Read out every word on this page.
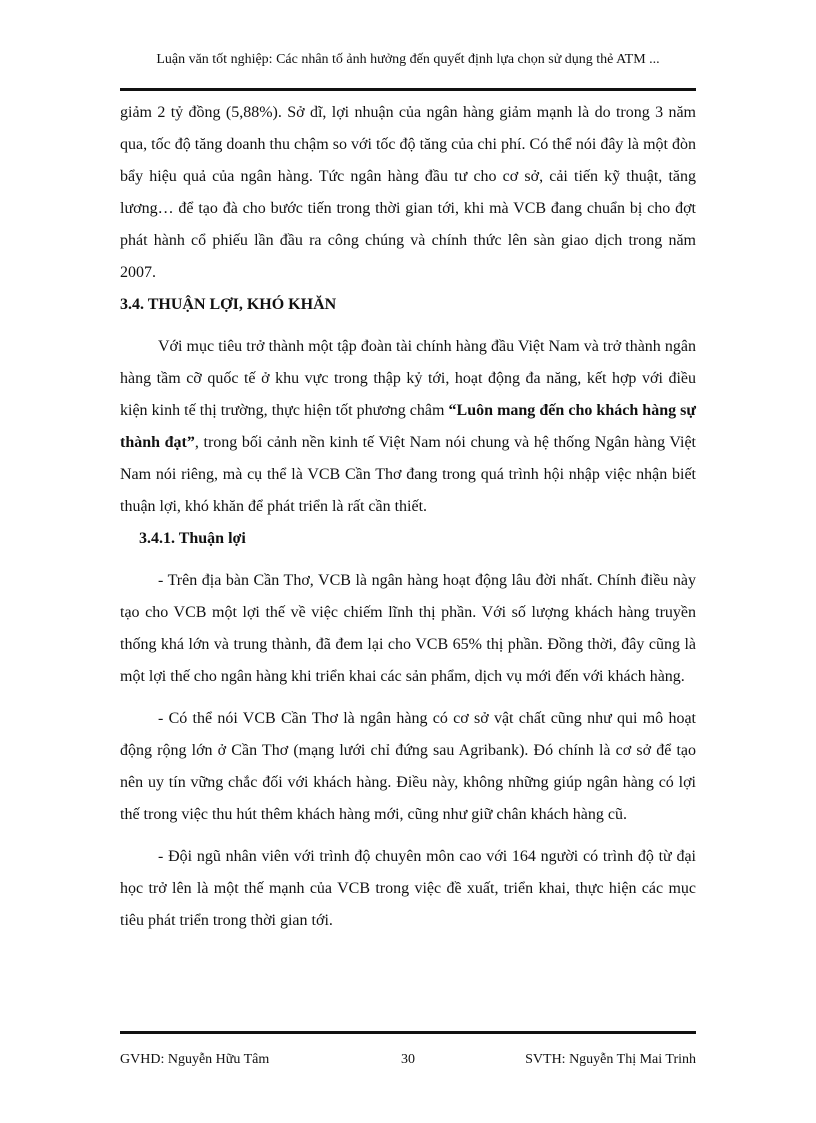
Luận văn tốt nghiệp: Các nhân tố ảnh hưởng đến quyết định lựa chọn sử dụng thẻ ATM ...

giảm 2 tỷ đồng (5,88%). Sở dĩ, lợi nhuận của ngân hàng giảm mạnh là do trong 3 năm qua, tốc độ tăng doanh thu chậm so với tốc độ tăng của chi phí. Có thể nói đây là một đòn bẩy hiệu quả của ngân hàng. Tức ngân hàng đầu tư cho cơ sở, cải tiến kỹ thuật, tăng lương… để tạo đà cho bước tiến trong thời gian tới, khi mà VCB đang chuẩn bị cho đợt phát hành cổ phiếu lần đầu ra công chúng và chính thức lên sàn giao dịch trong năm 2007.

3.4. THUẬN LỢI, KHÓ KHĂN

Với mục tiêu trở thành một tập đoàn tài chính hàng đầu Việt Nam và trở thành ngân hàng tầm cỡ quốc tế ở khu vực trong thập kỷ tới, hoạt động đa năng, kết hợp với điều kiện kinh tế thị trường, thực hiện tốt phương châm “Luôn mang đến cho khách hàng sự thành đạt”, trong bối cảnh nền kinh tế Việt Nam nói chung và hệ thống Ngân hàng Việt Nam nói riêng, mà cụ thể là VCB Cần Thơ đang trong quá trình hội nhập việc nhận biết thuận lợi, khó khăn để phát triển là rất cần thiết.

3.4.1. Thuận lợi

- Trên địa bàn Cần Thơ, VCB là ngân hàng hoạt động lâu đời nhất. Chính điều này tạo cho VCB một lợi thế về việc chiếm lĩnh thị phần. Với số lượng khách hàng truyền thống khá lớn và trung thành, đã đem lại cho VCB 65% thị phần. Đồng thời, đây cũng là một lợi thế cho ngân hàng khi triển khai các sản phẩm, dịch vụ mới đến với khách hàng.

- Có thể nói VCB Cần Thơ là ngân hàng có cơ sở vật chất cũng như qui mô hoạt động rộng lớn ở Cần Thơ (mạng lưới chỉ đứng sau Agribank). Đó chính là cơ sở để tạo nên uy tín vững chắc đối với khách hàng. Điều này, không những giúp ngân hàng có lợi thế trong việc thu hút thêm khách hàng mới, cũng như giữ chân khách hàng cũ.

- Đội ngũ nhân viên với trình độ chuyên môn cao với 164 người có trình độ từ đại học trở lên là một thế mạnh của VCB trong việc đề xuất, triển khai, thực hiện các mục tiêu phát triển trong thời gian tới.

30
GVHD: Nguyễn Hữu Tâm	SVTH: Nguyễn Thị Mai Trinh
